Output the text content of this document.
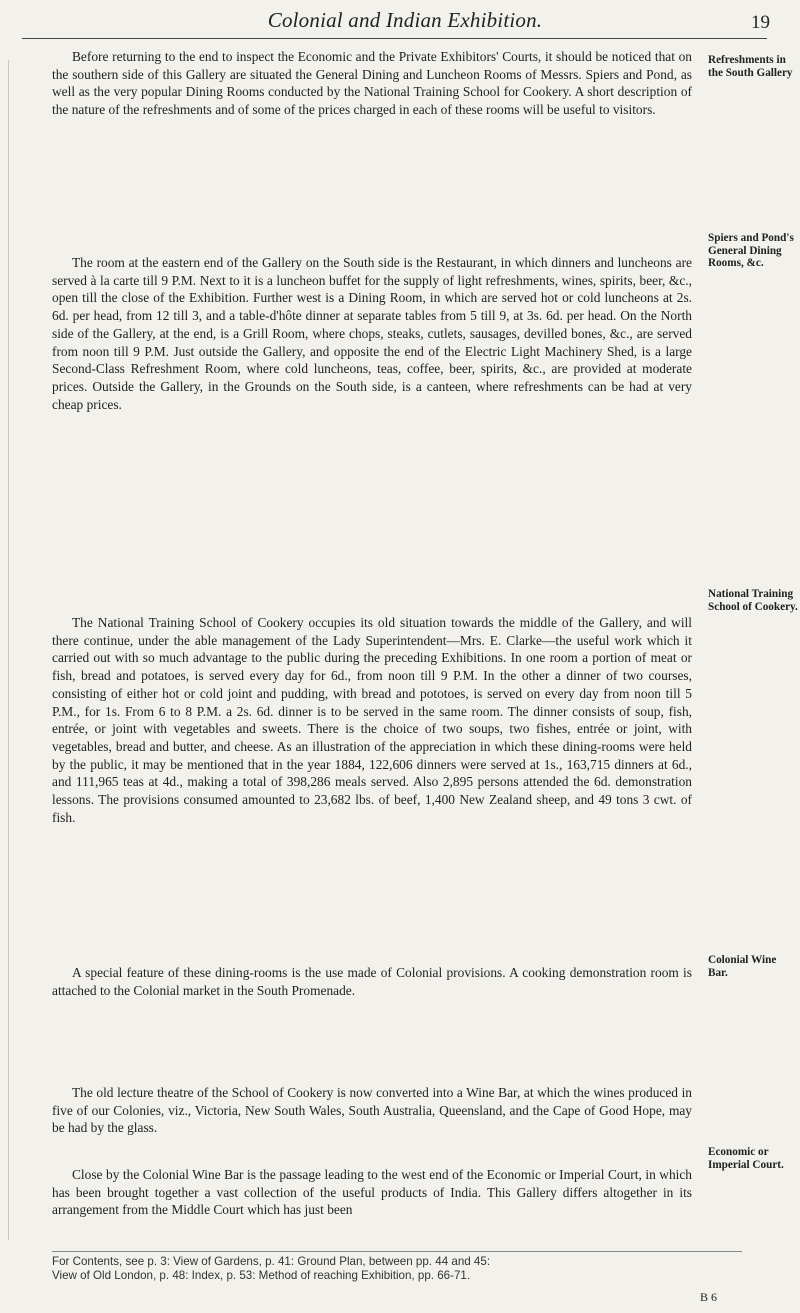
Colonial and Indian Exhibition.	19

Before returning to the end to inspect the Economic and the Private Exhibitors' Courts, it should be noticed that on the southern side of this Gallery are situated the General Dining and Luncheon Rooms of Messrs. Spiers and Pond, as well as the very popular Dining Rooms conducted by the National Training School for Cookery. A short description of the nature of the refreshments and of some of the prices charged in each of these rooms will be useful to visitors.

The room at the eastern end of the Gallery on the South side is the Restaurant, in which dinners and luncheons are served à la carte till 9 P.M. Next to it is a luncheon buffet for the supply of light refreshments, wines, spirits, beer, &c., open till the close of the Exhibition. Further west is a Dining Room, in which are served hot or cold luncheons at 2s. 6d. per head, from 12 till 3, and a table-d'hôte dinner at separate tables from 5 till 9, at 3s. 6d. per head. On the North side of the Gallery, at the end, is a Grill Room, where chops, steaks, cutlets, sausages, devilled bones, &c., are served from noon till 9 P.M. Just outside the Gallery, and opposite the end of the Electric Light Machinery Shed, is a large Second-Class Refreshment Room, where cold luncheons, teas, coffee, beer, spirits, &c., are provided at moderate prices. Outside the Gallery, in the Grounds on the South side, is a canteen, where refreshments can be had at very cheap prices.

The National Training School of Cookery occupies its old situation towards the middle of the Gallery, and will there continue, under the able management of the Lady Superintendent—Mrs. E. Clarke—the useful work which it carried out with so much advantage to the public during the preceding Exhibitions. In one room a portion of meat or fish, bread and potatoes, is served every day for 6d., from noon till 9 P.M. In the other a dinner of two courses, consisting of either hot or cold joint and pudding, with bread and pototoes, is served on every day from noon till 5 P.M., for 1s. From 6 to 8 P.M. a 2s. 6d. dinner is to be served in the same room. The dinner consists of soup, fish, entrée, or joint with vegetables and sweets. There is the choice of two soups, two fishes, entrée or joint, with vegetables, bread and butter, and cheese. As an illustration of the appreciation in which these dining-rooms were held by the public, it may be mentioned that in the year 1884, 122,606 dinners were served at 1s., 163,715 dinners at 6d., and 111,965 teas at 4d., making a total of 398,286 meals served. Also 2,895 persons attended the 6d. demonstration lessons. The provisions consumed amounted to 23,682 lbs. of beef, 1,400 New Zealand sheep, and 49 tons 3 cwt. of fish.

A special feature of these dining-rooms is the use made of Colonial provisions. A cooking demonstration room is attached to the Colonial market in the South Promenade.

The old lecture theatre of the School of Cookery is now converted into a Wine Bar, at which the wines produced in five of our Colonies, viz., Victoria, New South Wales, South Australia, Queensland, and the Cape of Good Hope, may be had by the glass.

Close by the Colonial Wine Bar is the passage leading to the west end of the Economic or Imperial Court, in which has been brought together a vast collection of the useful products of India. This Gallery differs altogether in its arrangement from the Middle Court which has just been

Refreshments in the South Gallery
Spiers and Pond's General Dining Rooms, &c.
National Training School of Cookery.
Colonial Wine Bar.
Economic or Imperial Court.
For Contents, see p. 3: View of Gardens, p. 41: Ground Plan, between pp. 44 and 45:
View of Old London, p. 48: Index, p. 53: Method of reaching Exhibition, pp. 66-71.
B 6
